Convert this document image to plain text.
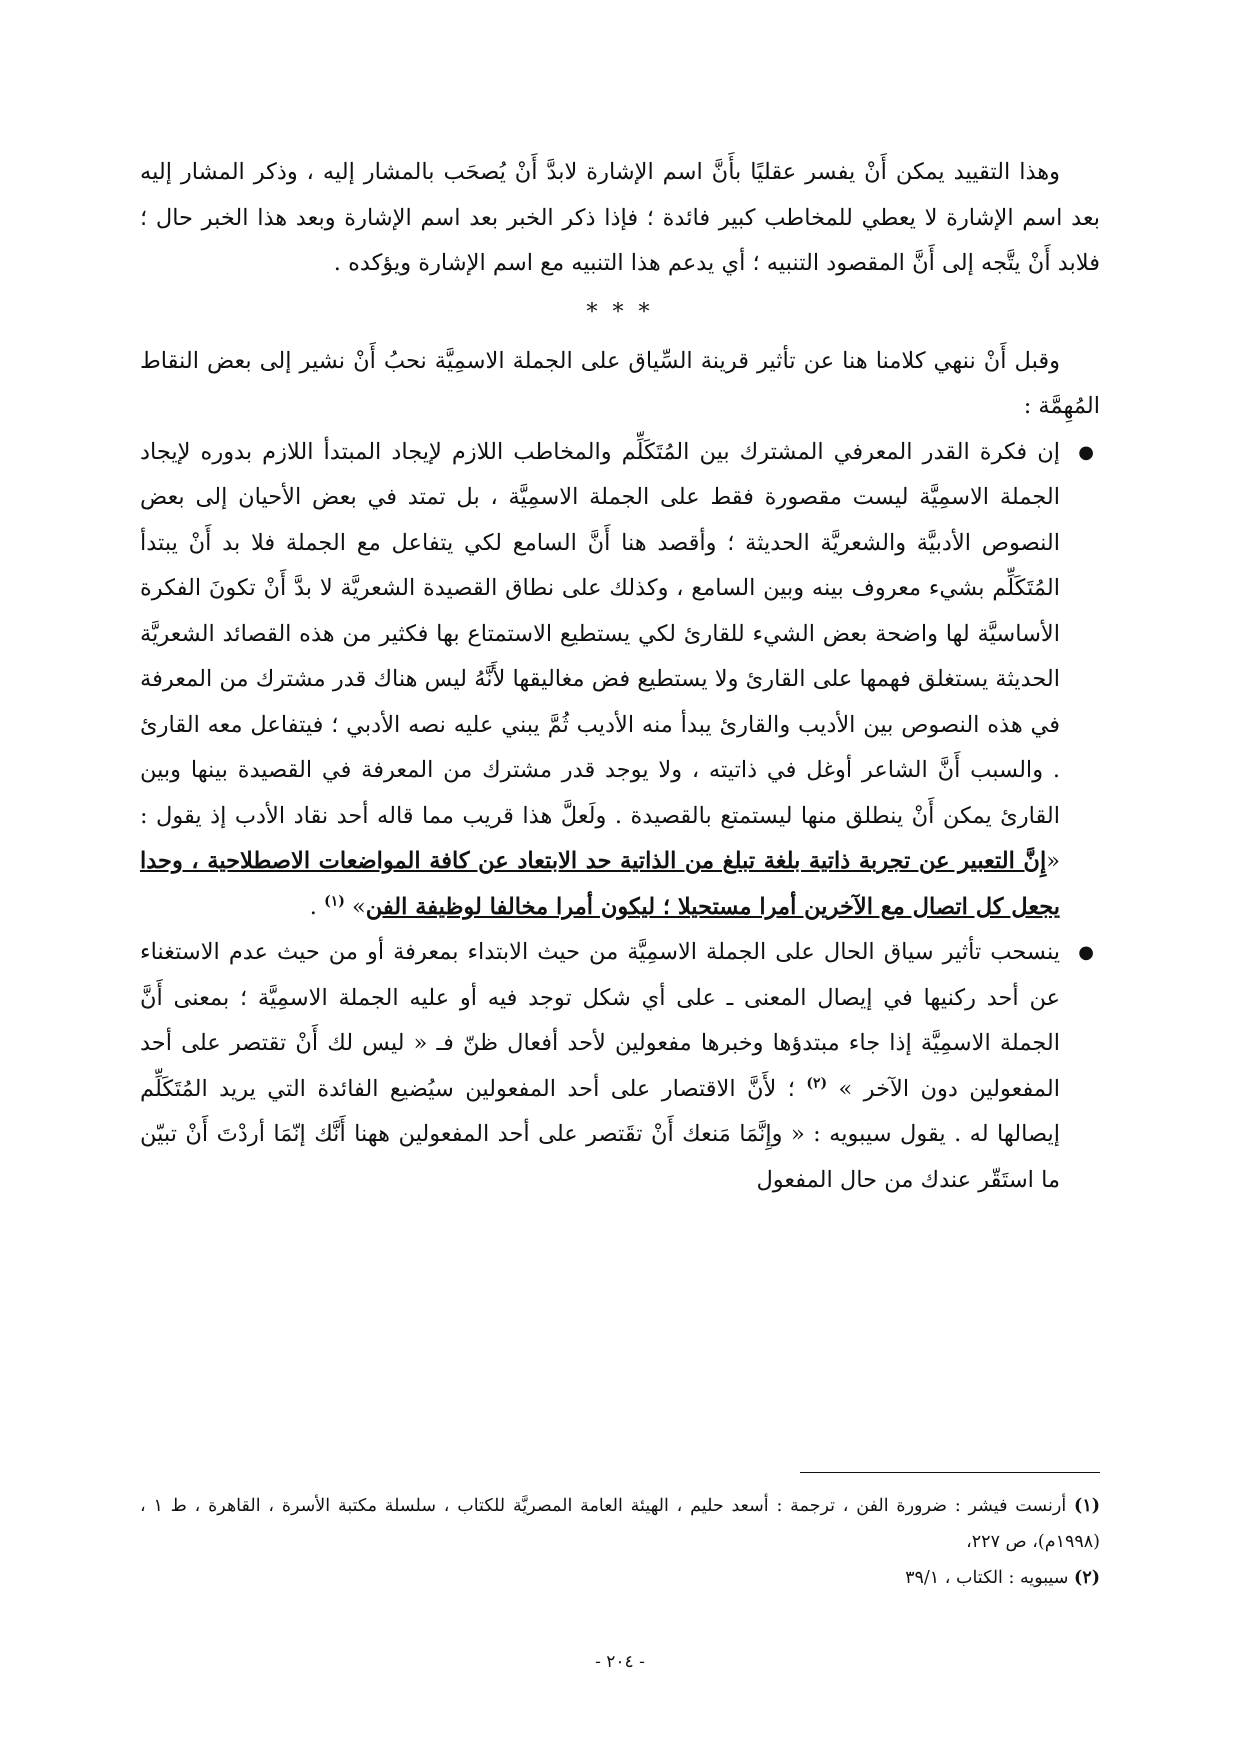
وهذا التقييد يمكن أَنْ يفسر عقليًا بأَنَّ اسم الإشارة لابدَّ أَنْ يُصحَب بالمشار إليه ، وذكر المشار إليه بعد اسم الإشارة لا يعطي للمخاطب كبير فائدة ؛ فإذا ذكر الخبر بعد اسم الإشارة وبعد هذا الخبر حال ؛ فلابد أَنْ يتَّجه إلى أَنَّ المقصود التنبيه ؛ أي يدعم هذا التنبيه مع اسم الإشارة ويؤكده .

* * *

وقبل أَنْ ننهي كلامنا هنا عن تأثير قرينة السِّياق على الجملة الاسمِيَّة نحبُ أَنْ نشير إلى بعض النقاط المُهِمَّة :

●

إن فكرة القدر المعرفي المشترك بين المُتَكَلِّم والمخاطب اللازم لإيجاد المبتدأ اللازم بدوره لإيجاد الجملة الاسمِيَّة ليست مقصورة فقط على الجملة الاسمِيَّة ، بل تمتد في بعض الأحيان إلى بعض النصوص الأدبيَّة والشعريَّة الحديثة ؛ وأقصد هنا أَنَّ السامع لكي يتفاعل مع الجملة فلا بد أَنْ يبتدأ المُتَكَلِّم بشيء معروف بينه وبين السامع ، وكذلك على نطاق القصيدة الشعريَّة لا بدَّ أَنْ تكونَ الفكرة الأساسيَّة لها واضحة بعض الشيء للقارئ لكي يستطيع الاستمتاع بها فكثير من هذه القصائد الشعريَّة الحديثة يستغلق فهمها على القارئ ولا يستطيع فض مغاليقها لأَنَّهُ ليس هناك قدر مشترك من المعرفة في هذه النصوص بين الأديب والقارئ يبدأ منه الأديب ثُمَّ يبني عليه نصه الأدبي ؛ فيتفاعل معه القارئ . والسبب أَنَّ الشاعر أوغل في ذاتيته ، ولا يوجد قدر مشترك من المعرفة في القصيدة بينها وبين القارئ يمكن أَنْ ينطلق منها ليستمتع بالقصيدة . ولَعلَّ هذا قريب مما قاله أحد نقاد الأدب إذ يقول : «إِنَّ التعبير عن تجربة ذاتية بلغة تبلغ من الذاتية حد الابتعاد عن كافة المواضعات الاصطلاحية ، وحدا يجعل كل اتصال مع الآخرين أمرا مستحيلا ؛ ليكون أمرا مخالفا لوظيفة الفن» $^{(١)}$ .

●

ينسحب تأثير سياق الحال على الجملة الاسمِيَّة من حيث الابتداء بمعرفة أو من حيث عدم الاستغناء عن أحد ركنيها في إيصال المعنى ـ على أي شكل توجد فيه أو عليه الجملة الاسمِيَّة ؛ بمعنى أَنَّ الجملة الاسمِيَّة إذا جاء مبتدؤها وخبرها مفعولين لأحد أفعال ظنّ فـ « ليس لك أَنْ تقتصر على أحد المفعولين دون الآخر » $^{(٢)}$ ؛ لأَنَّ الاقتصار على أحد المفعولين سيُضيع الفائدة التي يريد المُتَكَلِّم إيصالها له . يقول سيبويه : « وإِنَّمَا مَنعك أَنْ تقَتصر على أحد المفعولين ههنا أَنَّك إنّمَا أردْتَ أَنْ تبيّن ما استَقّر عندك من حال المفعول

(١) أرنست فيشر : ضرورة الفن ، ترجمة : أسعد حليم ، الهيئة العامة المصريَّة للكتاب ، سلسلة مكتبة الأسرة ، القاهرة ، ط ١ ، (١٩٩٨م)، ص ٢٢٧،

(٢) سيبويه : الكتاب ، ٣٩/١

- ٢٠٤ -
